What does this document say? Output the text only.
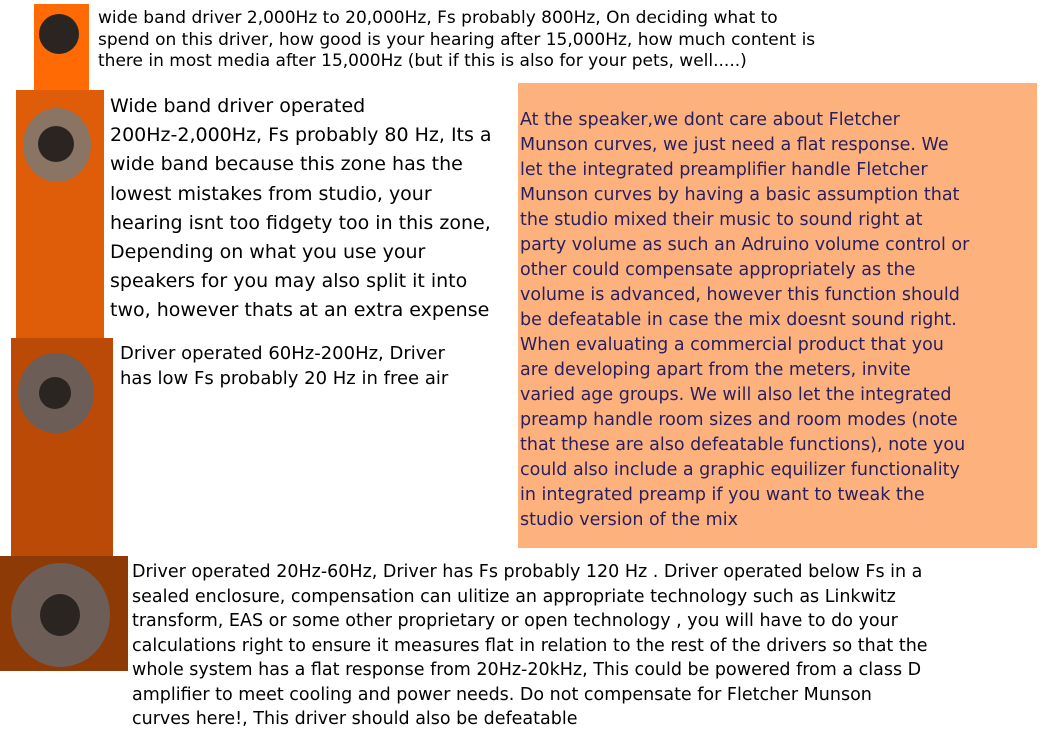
wide band driver 2,000Hz to 20,000Hz, Fs probably 800Hz, On deciding what to
spend on this driver, how good is your hearing after 15,000Hz, how much content is
there in most media after 15,000Hz (but if this is also for your pets, well.....)

Wide band driver operated
200Hz-2,000Hz, Fs probably 80 Hz, Its a
wide band because this zone has the
lowest mistakes from studio, your
hearing isnt too fidgety too in this zone,
Depending on what you use your
speakers for you may also split it into
two, however thats at an extra expense

Driver operated 60Hz-200Hz, Driver
has low Fs probably 20 Hz in free air

At the speaker,we dont care about Fletcher
Munson curves, we just need a flat response. We
let the integrated preamplifier handle Fletcher
Munson curves by having a basic assumption that
the studio mixed their music to sound right at
party volume as such an Adruino volume control or
other could compensate appropriately as the
volume is advanced, however this function should
be defeatable in case the mix doesnt sound right.
When evaluating a commercial product that you
are developing apart from the meters, invite
varied age groups. We will also let the integrated
preamp handle room sizes and room modes (note
that these are also defeatable functions), note you
could also include a graphic equilizer functionality
in integrated preamp if you want to tweak the
studio version of the mix

Driver operated 20Hz-60Hz, Driver has Fs probably 120 Hz . Driver operated below Fs in a
sealed enclosure, compensation can ulitize an appropriate technology such as Linkwitz
transform, EAS or some other proprietary or open technology , you will have to do your
calculations right to ensure it measures flat in relation to the rest of the drivers so that the
whole system has a flat response from 20Hz-20kHz, This could be powered from a class D
amplifier to meet cooling and power needs. Do not compensate for Fletcher Munson
curves here!, This driver should also be defeatable
